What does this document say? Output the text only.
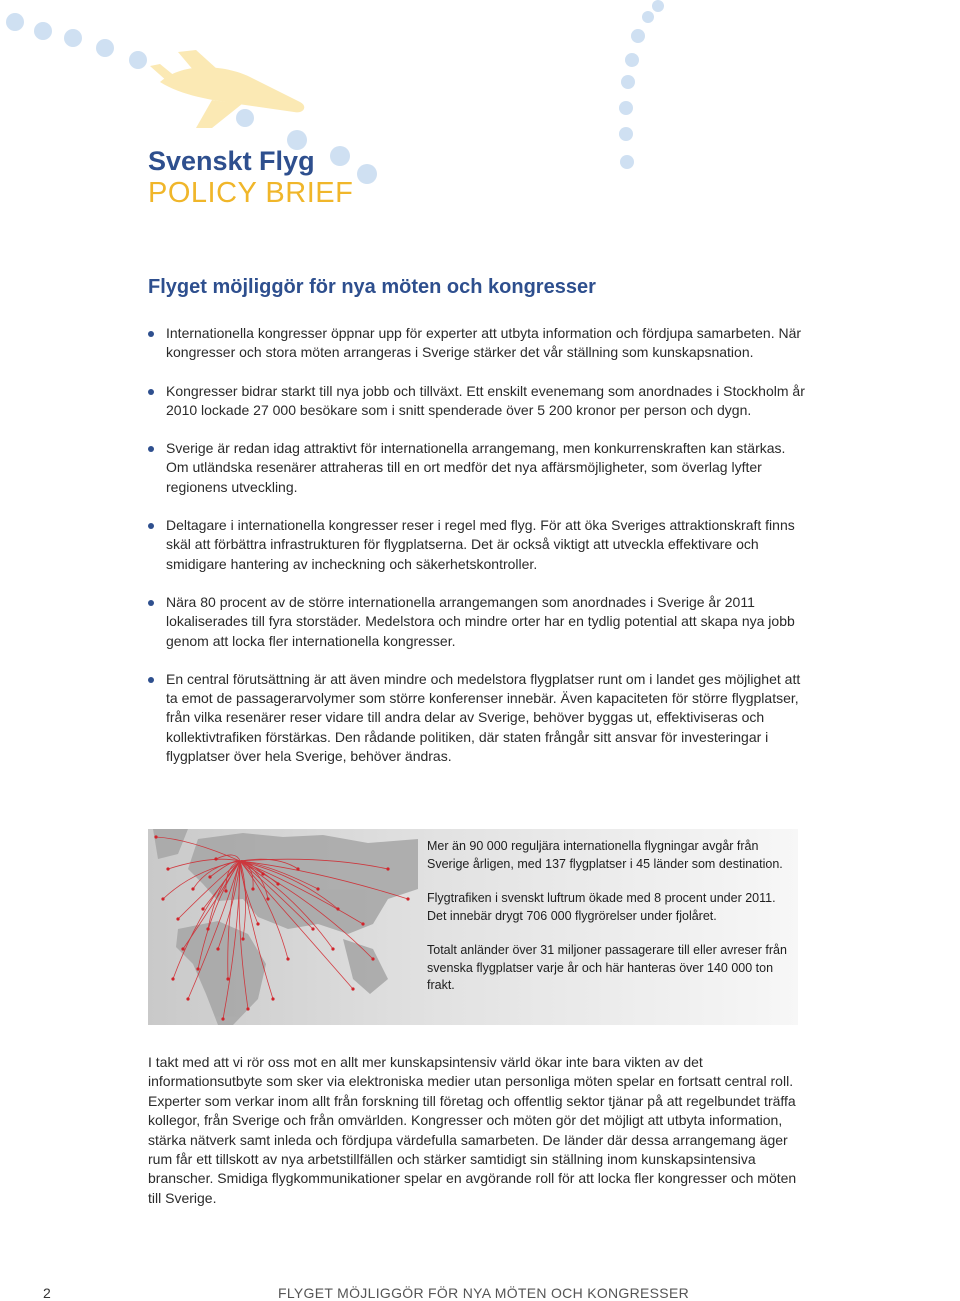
Svenskt Flyg
POLICY BRIEF
Flyget möjliggör för nya möten och kongresser
Internationella kongresser öppnar upp för experter att utbyta information och fördjupa samarbeten. När kongresser och stora möten arrangeras i Sverige stärker det vår ställning som kunskapsnation.
Kongresser bidrar starkt till nya jobb och tillväxt. Ett enskilt evenemang som anordnades i Stockholm år 2010 lockade 27 000 besökare som i snitt spenderade över 5 200 kronor per person och dygn.
Sverige är redan idag attraktivt för internationella arrangemang, men konkurrenskraften kan stärkas. Om utländska resenärer attraheras till en ort medför det nya affärsmöjligheter, som överlag lyfter regionens utveckling.
Deltagare i internationella kongresser reser i regel med flyg. För att öka Sveriges attraktionskraft finns skäl att förbättra infrastrukturen för flygplatserna. Det är också viktigt att utveckla effektivare och smidigare hantering av incheckning och säkerhetskontroller.
Nära 80 procent av de större internationella arrangemangen som anordnades i Sverige år 2011 lokaliserades till fyra storstäder. Medelstora och mindre orter har en tydlig potential att skapa nya jobb genom att locka fler internationella kongresser.
En central förutsättning är att även mindre och medelstora flygplatser runt om i landet ges möjlighet att ta emot de passagerarvolymer som större konferenser innebär. Även kapaciteten för större flygplatser, från vilka resenärer reser vidare till andra delar av Sverige, behöver byggas ut, effektiviseras och kollektivtrafiken förstärkas. Den rådande politiken, där staten frångår sitt ansvar för investeringar i flygplatser över hela Sverige, behöver ändras.

Mer än 90 000 reguljära internationella flygningar avgår från Sverige årligen, med 137 flygplatser i 45 länder som destination.

Flygtrafiken i svenskt luftrum ökade med 8 procent under 2011. Det innebär drygt 706 000 flygrörelser under fjolåret.

Totalt anländer över 31 miljoner passagerare till eller avreser från svenska flygplatser varje år och här hanteras över 140 000 ton frakt.

I takt med att vi rör oss mot en allt mer kunskapsintensiv värld ökar inte bara vikten av det informationsutbyte som sker via elektroniska medier utan personliga möten spelar en fortsatt central roll. Experter som verkar inom allt från forskning till företag och offentlig sektor tjänar på att regelbundet träffa kollegor, från Sverige och från omvärlden. Kongresser och möten gör det möjligt att utbyta information, stärka nätverk samt inleda och fördjupa värdefulla samarbeten. De länder där dessa arrangemang äger rum får ett tillskott av nya arbetstillfällen och stärker samtidigt sin ställning inom kunskapsintensiva branscher. Smidiga flygkommunikationer spelar en avgörande roll för att locka fler kongresser och möten till Sverige.

2	FLYGET MÖJLIGGÖR FÖR NYA MÖTEN OCH KONGRESSER
